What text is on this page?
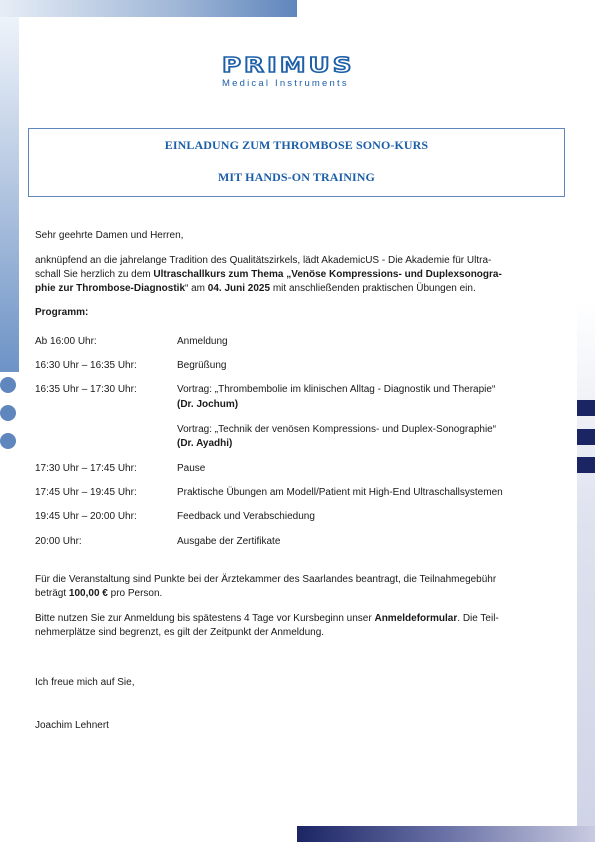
PRIMUS
Medical Instruments
EINLADUNG ZUM THROMBOSE SONO-KURS
MIT HANDS-ON TRAINING
Sehr geehrte Damen und Herren,
anknüpfend an die jahrelange Tradition des Qualitätszirkels, lädt AkademicUS - Die Akademie für Ultra-
schall Sie herzlich zu dem Ultraschallkurs zum Thema „Venöse Kompressions- und Duplexsonogra-
phie zur Thrombose-Diagnostik“ am 04. Juni 2025 mit anschließenden praktischen Übungen ein.
Programm:
Ab 16:00 Uhr:	Anmeldung
16:30 Uhr – 16:35 Uhr:	Begrüßung
16:35 Uhr – 17:30 Uhr:	Vortrag: „Thrombembolie im klinischen Alltag - Diagnostik und Therapie“
(Dr. Jochum)
Vortrag: „Technik der venösen Kompressions- und Duplex-Sonographie“
(Dr. Ayadhi)
17:30 Uhr – 17:45 Uhr:	Pause
17:45 Uhr – 19:45 Uhr:	Praktische Übungen am Modell/Patient mit High-End Ultraschallsystemen
19:45 Uhr – 20:00 Uhr:	Feedback und Verabschiedung
20:00 Uhr:	Ausgabe der Zertifikate
Für die Veranstaltung sind Punkte bei der Ärztekammer des Saarlandes beantragt, die Teilnahmegebühr
beträgt 100,00 € pro Person.
Bitte nutzen Sie zur Anmeldung bis spätestens 4 Tage vor Kursbeginn unser Anmeldeformular. Die Teil-
nehmerplätze sind begrenzt, es gilt der Zeitpunkt der Anmeldung.
Ich freue mich auf Sie,
Joachim Lehnert
